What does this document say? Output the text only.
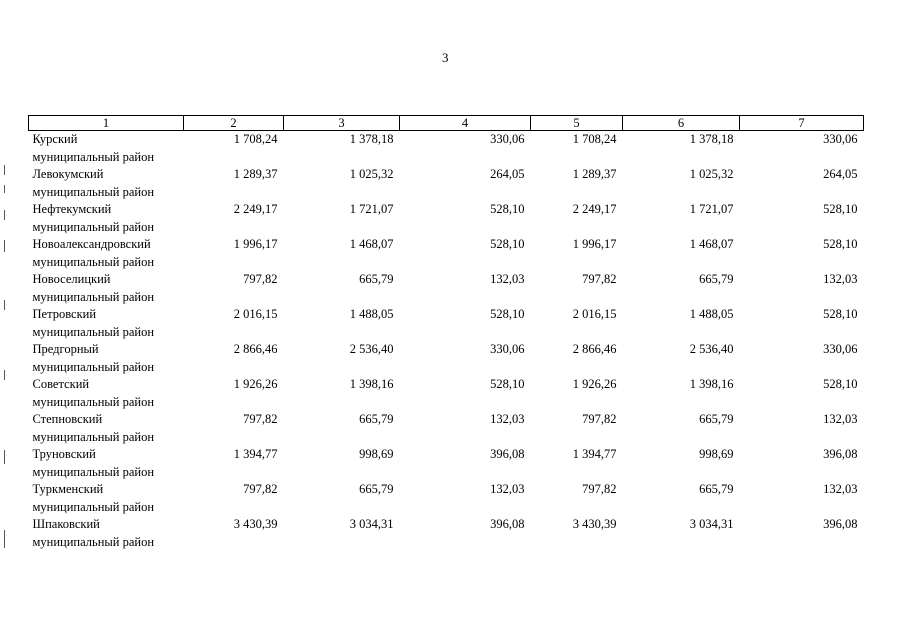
3
1	2	3	4	5	6	7

Курский
муниципальный район	1 708,24	1 378,18	330,06	1 708,24	1 378,18	330,06

Левокумский
муниципальный район	1 289,37	1 025,32	264,05	1 289,37	1 025,32	264,05

Нефтекумский
муниципальный район	2 249,17	1 721,07	528,10	2 249,17	1 721,07	528,10

Новоалександровский
муниципальный район	1 996,17	1 468,07	528,10	1 996,17	1 468,07	528,10

Новоселицкий
муниципальный район	797,82	665,79	132,03	797,82	665,79	132,03

Петровский
муниципальный район	2 016,15	1 488,05	528,10	2 016,15	1 488,05	528,10

Предгорный
муниципальный район	2 866,46	2 536,40	330,06	2 866,46	2 536,40	330,06

Советский
муниципальный район	1 926,26	1 398,16	528,10	1 926,26	1 398,16	528,10

Степновский
муниципальный район	797,82	665,79	132,03	797,82	665,79	132,03

Труновский
муниципальный район	1 394,77	998,69	396,08	1 394,77	998,69	396,08

Туркменский
муниципальный район	797,82	665,79	132,03	797,82	665,79	132,03

Шпаковский
муниципальный район	3 430,39	3 034,31	396,08	3 430,39	3 034,31	396,08
